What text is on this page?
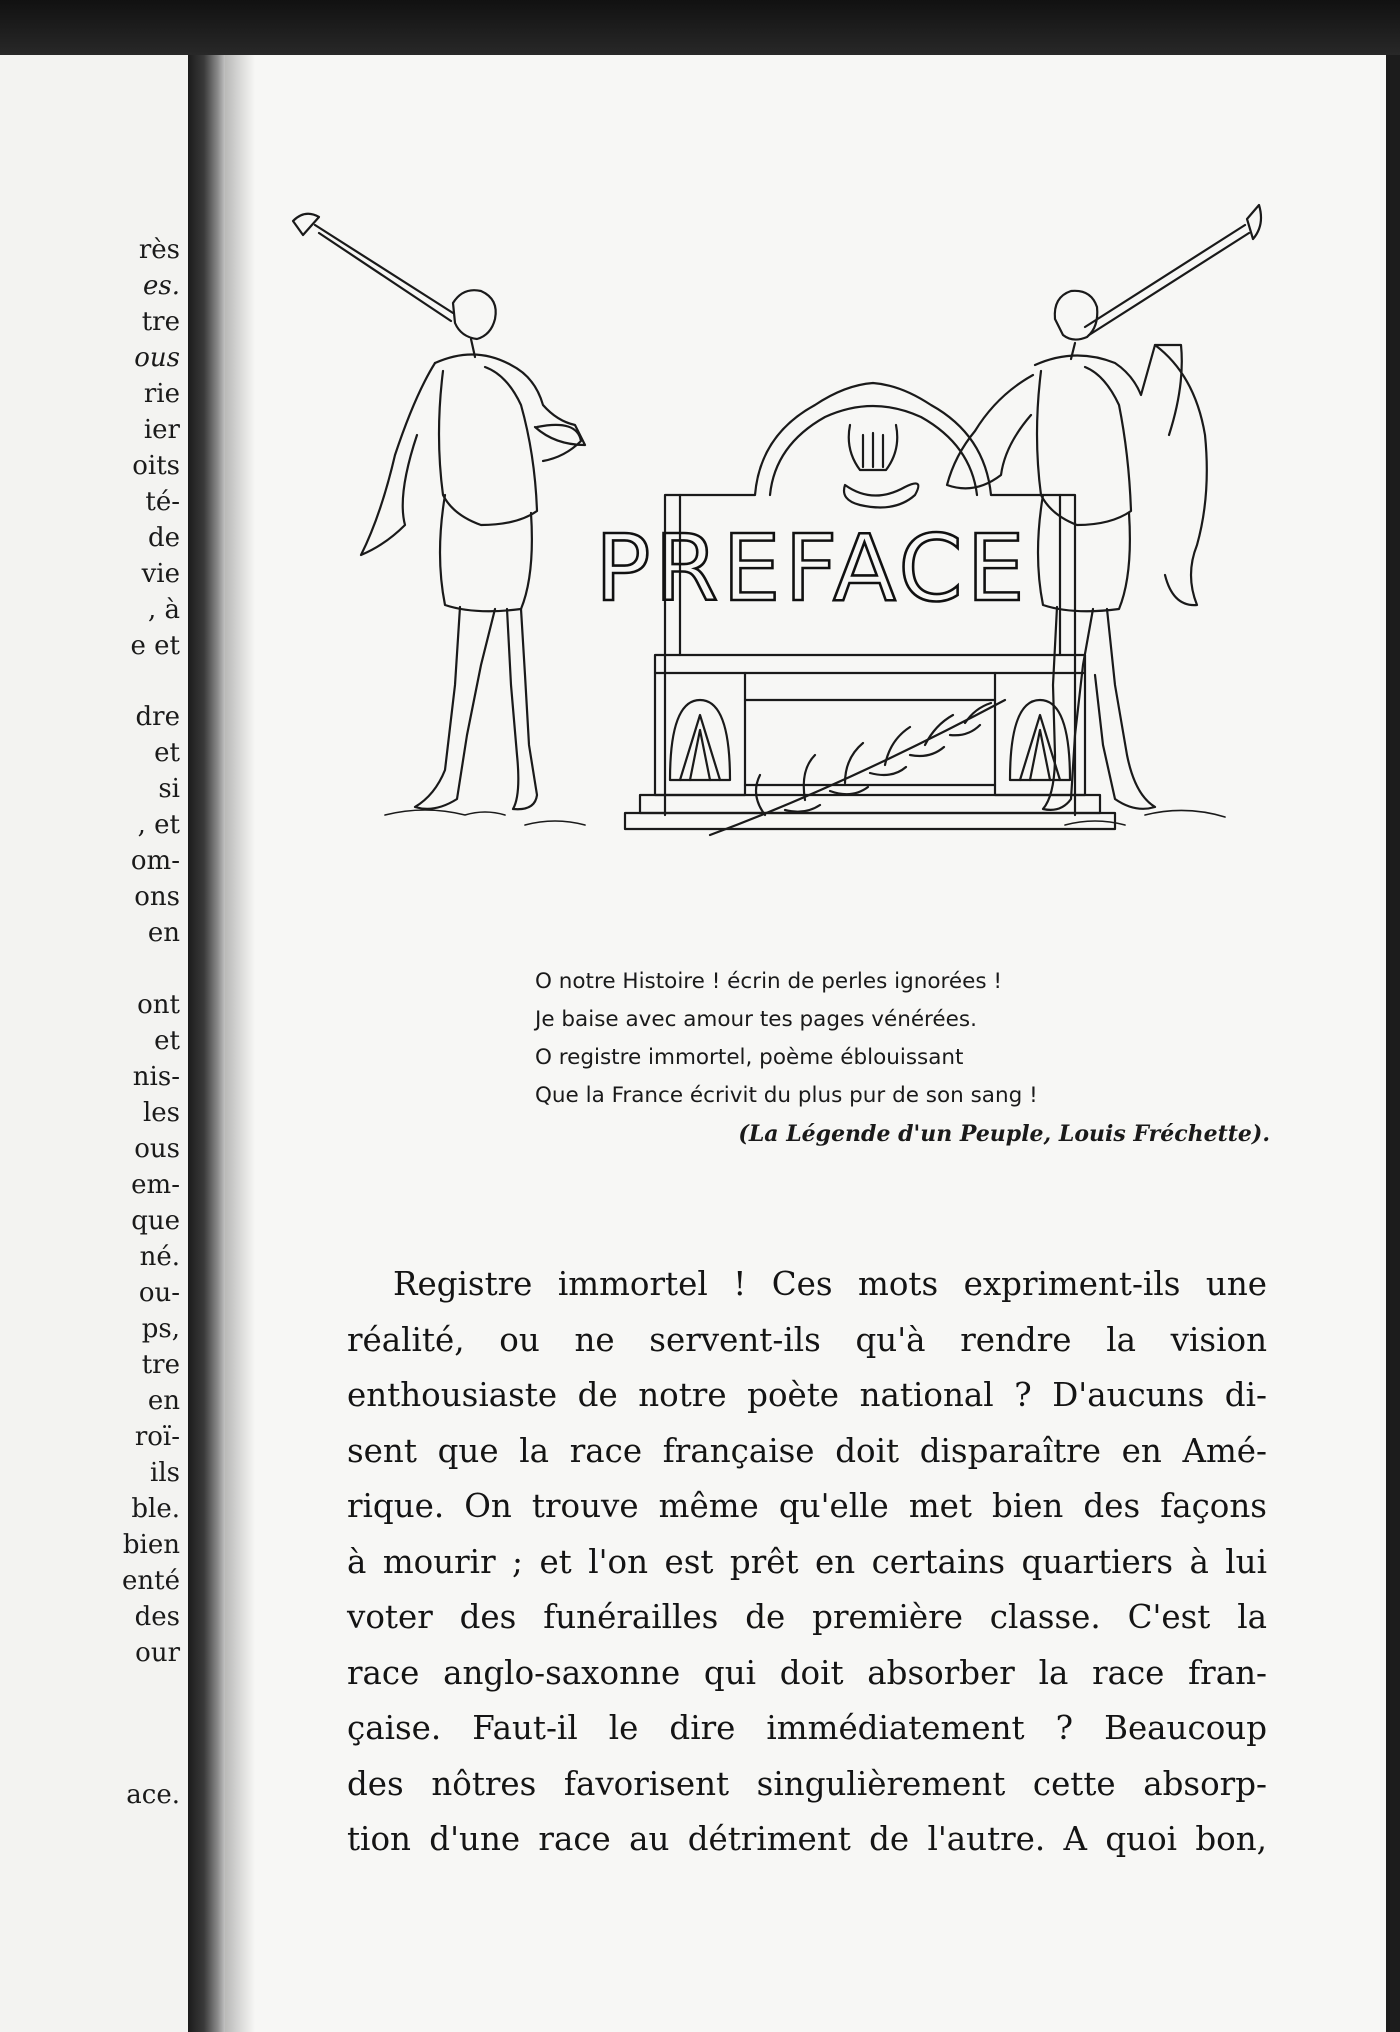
rès
es.
tre
ous
rie
ier
oits
té-
de
vie
, à
e et
dre
et
si
, et
om-
ons
en
ont
et
nis-
les
ous
em-
que
né.
ou-
ps,
tre
en
roï-
ils
ble.
bien
enté
des
our
ace.
PREFACE
O notre Histoire ! écrin de perles ignorées !
Je baise avec amour tes pages vénérées.
O registre immortel, poème éblouissant
Que la France écrivit du plus pur de son sang !
(La Légende d'un Peuple, Louis Fréchette).
Registre immortel ! Ces mots expriment-ils une
réalité, ou ne servent-ils qu'à rendre la vision
enthousiaste de notre poète national ? D'aucuns di-
sent que la race française doit disparaître en Amé-
rique. On trouve même qu'elle met bien des façons
à mourir ; et l'on est prêt en certains quartiers à lui
voter des funérailles de première classe. C'est la
race anglo-saxonne qui doit absorber la race fran-
çaise. Faut-il le dire immédiatement ? Beaucoup
des nôtres favorisent singulièrement cette absorp-
tion d'une race au détriment de l'autre. A quoi bon,
